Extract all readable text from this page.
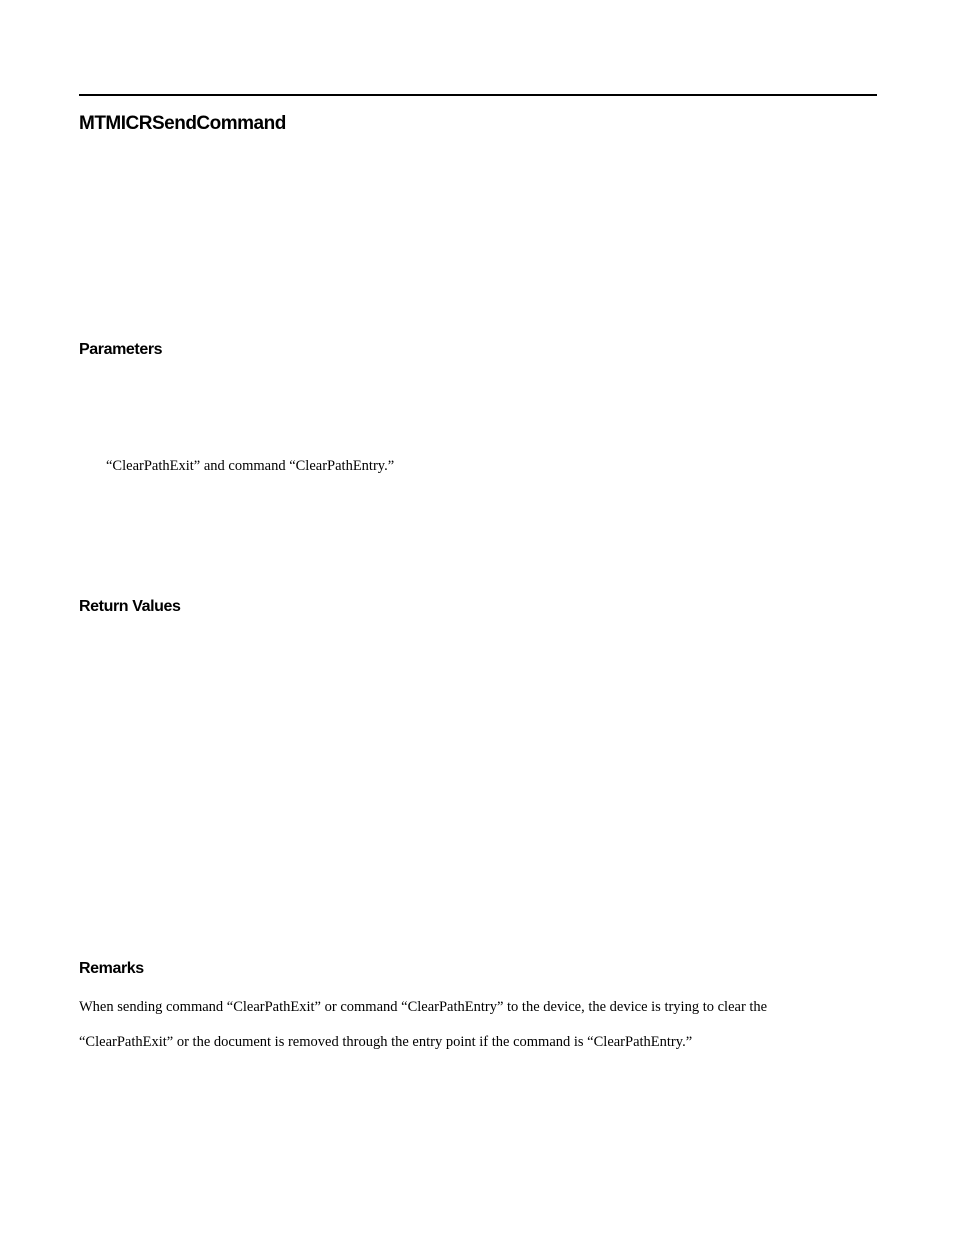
MTMICRSendCommand
Parameters

“ClearPathExit” and command “ClearPathEntry.”

Return Values
Remarks

When sending command “ClearPathExit” or command “ClearPathEntry” to the device, the device is trying to clear the

“ClearPathExit” or the document is removed through the entry point if the command is “ClearPathEntry.”
